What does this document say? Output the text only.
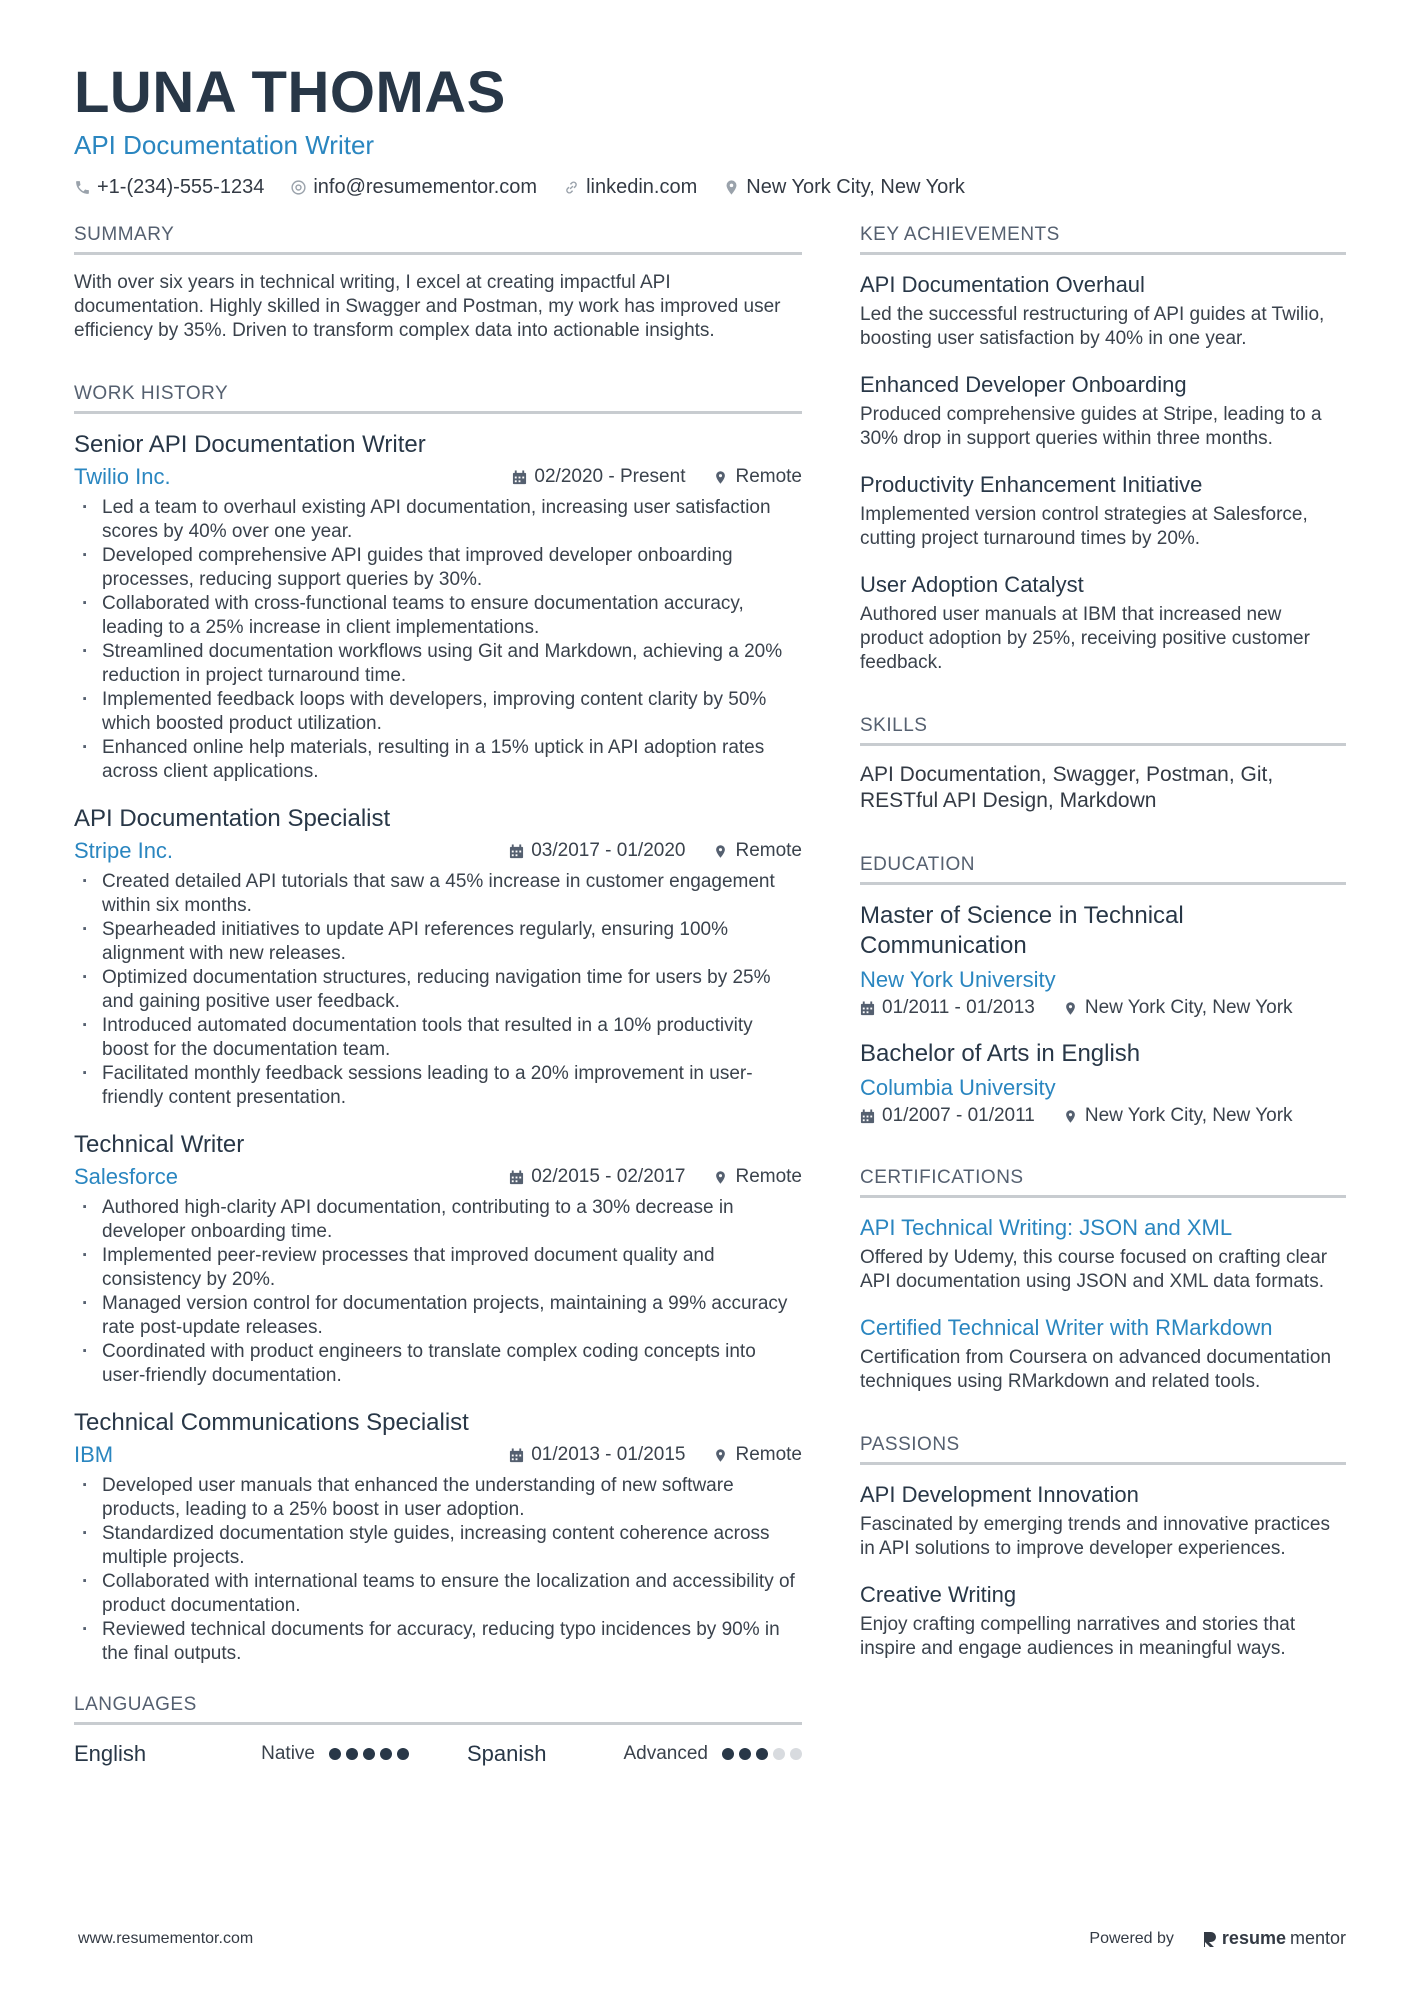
LUNA THOMAS
API Documentation Writer
+1-(234)-555-1234 info@resumementor.com linkedin.com New York City, New York
SUMMARY
With over six years in technical writing, I excel at creating impactful API documentation. Highly skilled in Swagger and Postman, my work has improved user efficiency by 35%. Driven to transform complex data into actionable insights.
WORK HISTORY
Senior API Documentation Writer
Twilio Inc.	02/2020 - Present	Remote
· Led a team to overhaul existing API documentation, increasing user satisfaction scores by 40% over one year.
· Developed comprehensive API guides that improved developer onboarding processes, reducing support queries by 30%.
· Collaborated with cross-functional teams to ensure documentation accuracy, leading to a 25% increase in client implementations.
· Streamlined documentation workflows using Git and Markdown, achieving a 20% reduction in project turnaround time.
· Implemented feedback loops with developers, improving content clarity by 50% which boosted product utilization.
· Enhanced online help materials, resulting in a 15% uptick in API adoption rates across client applications.
API Documentation Specialist
Stripe Inc.	03/2017 - 01/2020	Remote
· Created detailed API tutorials that saw a 45% increase in customer engagement within six months.
· Spearheaded initiatives to update API references regularly, ensuring 100% alignment with new releases.
· Optimized documentation structures, reducing navigation time for users by 25% and gaining positive user feedback.
· Introduced automated documentation tools that resulted in a 10% productivity boost for the documentation team.
· Facilitated monthly feedback sessions leading to a 20% improvement in user-friendly content presentation.
Technical Writer
Salesforce	02/2015 - 02/2017	Remote
· Authored high-clarity API documentation, contributing to a 30% decrease in developer onboarding time.
· Implemented peer-review processes that improved document quality and consistency by 20%.
· Managed version control for documentation projects, maintaining a 99% accuracy rate post-update releases.
· Coordinated with product engineers to translate complex coding concepts into user-friendly documentation.
Technical Communications Specialist
IBM	01/2013 - 01/2015	Remote
· Developed user manuals that enhanced the understanding of new software products, leading to a 25% boost in user adoption.
· Standardized documentation style guides, increasing content coherence across multiple projects.
· Collaborated with international teams to ensure the localization and accessibility of product documentation.
· Reviewed technical documents for accuracy, reducing typo incidences by 90% in the final outputs.
LANGUAGES
English	Native	Spanish	Advanced
KEY ACHIEVEMENTS
API Documentation Overhaul
Led the successful restructuring of API guides at Twilio, boosting user satisfaction by 40% in one year.
Enhanced Developer Onboarding
Produced comprehensive guides at Stripe, leading to a 30% drop in support queries within three months.
Productivity Enhancement Initiative
Implemented version control strategies at Salesforce, cutting project turnaround times by 20%.
User Adoption Catalyst
Authored user manuals at IBM that increased new product adoption by 25%, receiving positive customer feedback.
SKILLS
API Documentation, Swagger, Postman, Git, RESTful API Design, Markdown
EDUCATION
Master of Science in Technical Communication
New York University
01/2011 - 01/2013	New York City, New York
Bachelor of Arts in English
Columbia University
01/2007 - 01/2011	New York City, New York
CERTIFICATIONS
API Technical Writing: JSON and XML
Offered by Udemy, this course focused on crafting clear API documentation using JSON and XML data formats.
Certified Technical Writer with RMarkdown
Certification from Coursera on advanced documentation techniques using RMarkdown and related tools.
PASSIONS
API Development Innovation
Fascinated by emerging trends and innovative practices in API solutions to improve developer experiences.
Creative Writing
Enjoy crafting compelling narratives and stories that inspire and engage audiences in meaningful ways.
www.resumementor.com	Powered by	resume mentor
